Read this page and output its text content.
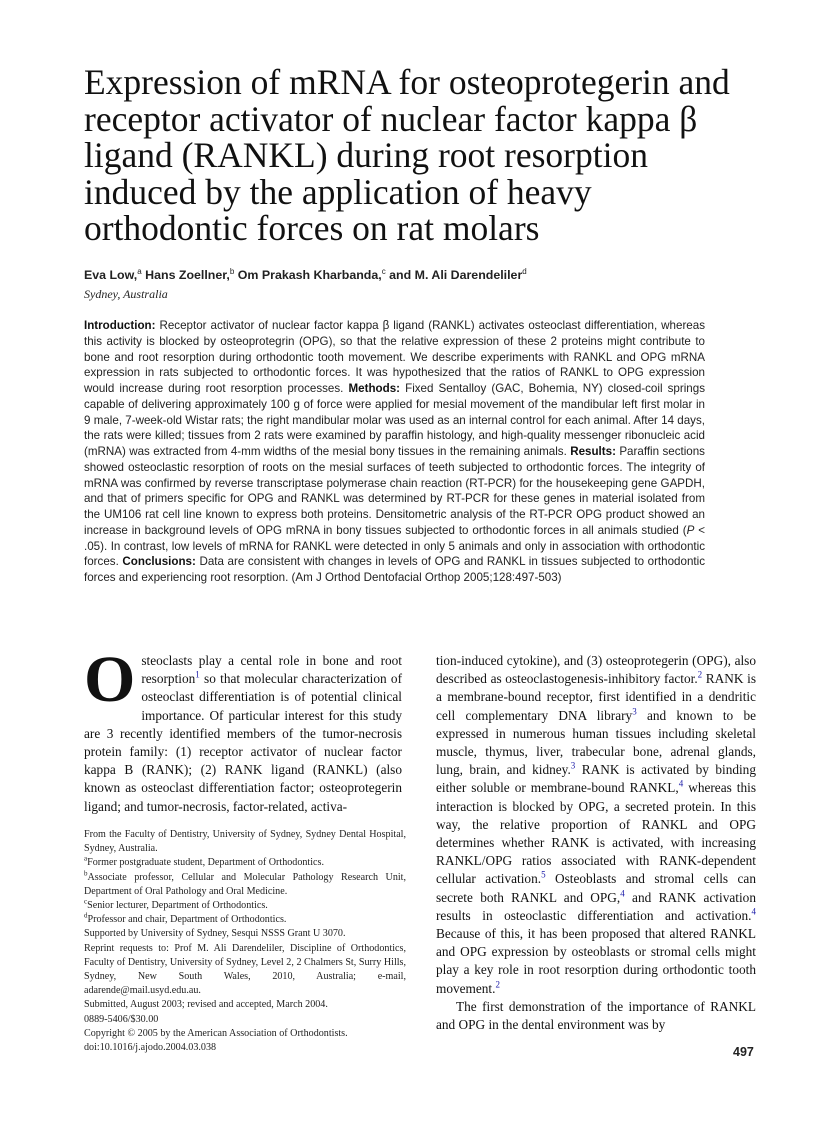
Expression of mRNA for osteoprotegerin and receptor activator of nuclear factor kappa β ligand (RANKL) during root resorption induced by the application of heavy orthodontic forces on rat molars
Eva Low,$^a$ Hans Zoellner,$^b$ Om Prakash Kharbanda,$^c$ and M. Ali Darendeliler$^d$
Sydney, Australia

Introduction: Receptor activator of nuclear factor kappa β ligand (RANKL) activates osteoclast differentiation, whereas this activity is blocked by osteoprotegrin (OPG), so that the relative expression of these 2 proteins might contribute to bone and root resorption during orthodontic tooth movement. We describe experiments with RANKL and OPG mRNA expression in rats subjected to orthodontic forces. It was hypothesized that the ratios of RANKL to OPG expression would increase during root resorption processes. Methods: Fixed Sentalloy (GAC, Bohemia, NY) closed-coil springs capable of delivering approximately 100 g of force were applied for mesial movement of the mandibular left first molar in 9 male, 7-week-old Wistar rats; the right mandibular molar was used as an internal control for each animal. After 14 days, the rats were killed; tissues from 2 rats were examined by paraffin histology, and high-quality messenger ribonucleic acid (mRNA) was extracted from 4-mm widths of the mesial bony tissues in the remaining animals. Results: Paraffin sections showed osteoclastic resorption of roots on the mesial surfaces of teeth subjected to orthodontic forces. The integrity of mRNA was confirmed by reverse transcriptase polymerase chain reaction (RT-PCR) for the housekeeping gene GAPDH, and that of primers specific for OPG and RANKL was determined by RT-PCR for these genes in material isolated from the UM106 rat cell line known to express both proteins. Densitometric analysis of the RT-PCR OPG product showed an increase in background levels of OPG mRNA in bony tissues subjected to orthodontic forces in all animals studied (P < .05). In contrast, low levels of mRNA for RANKL were detected in only 5 animals and only in association with orthodontic forces. Conclusions: Data are consistent with changes in levels of OPG and RANKL in tissues subjected to orthodontic forces and experiencing root resorption. (Am J Orthod Dentofacial Orthop 2005;128:497-503)

Osteoclasts play a cental role in bone and root resorption$^1$ so that molecular characterization of osteoclast differentiation is of potential clinical importance. Of particular interest for this study are 3 recently identified members of the tumor-necrosis protein family: (1) receptor activator of nuclear factor kappa B (RANK); (2) RANK ligand (RANKL) (also known as osteoclast differentiation factor; osteoprotegerin ligand; and tumor-necrosis, factor-related, activa-

From the Faculty of Dentistry, University of Sydney, Sydney Dental Hospital, Sydney, Australia.
$^a$Former postgraduate student, Department of Orthodontics.
$^b$Associate professor, Cellular and Molecular Pathology Research Unit, Department of Oral Pathology and Oral Medicine.
$^c$Senior lecturer, Department of Orthodontics.
$^d$Professor and chair, Department of Orthodontics.
Supported by University of Sydney, Sesqui NSSS Grant U 3070.
Reprint requests to: Prof M. Ali Darendeliler, Discipline of Orthodontics, Faculty of Dentistry, University of Sydney, Level 2, 2 Chalmers St, Surry Hills, Sydney, New South Wales, 2010, Australia; e-mail, adarende@mail.usyd.edu.au.
Submitted, August 2003; revised and accepted, March 2004.
0889-5406/$30.00
Copyright © 2005 by the American Association of Orthodontists.
doi:10.1016/j.ajodo.2004.03.038

tion-induced cytokine), and (3) osteoprotegerin (OPG), also described as osteoclastogenesis-inhibitory factor.$^2$ RANK is a membrane-bound receptor, first identified in a dendritic cell complementary DNA library$^3$ and known to be expressed in numerous human tissues including skeletal muscle, thymus, liver, trabecular bone, adrenal glands, lung, brain, and kidney.$^3$ RANK is activated by binding either soluble or membrane-bound RANKL,$^4$ whereas this interaction is blocked by OPG, a secreted protein. In this way, the relative proportion of RANKL and OPG determines whether RANK is activated, with increasing RANKL/OPG ratios associated with RANK-dependent cellular activation.$^5$ Osteoblasts and stromal cells can secrete both RANKL and OPG,$^4$ and RANK activation results in osteoclastic differentiation and activation.$^4$ Because of this, it has been proposed that altered RANKL and OPG expression by osteoblasts or stromal cells might play a key role in root resorption during orthodontic tooth movement.$^2$

The first demonstration of the importance of RANKL and OPG in the dental environment was by

497
